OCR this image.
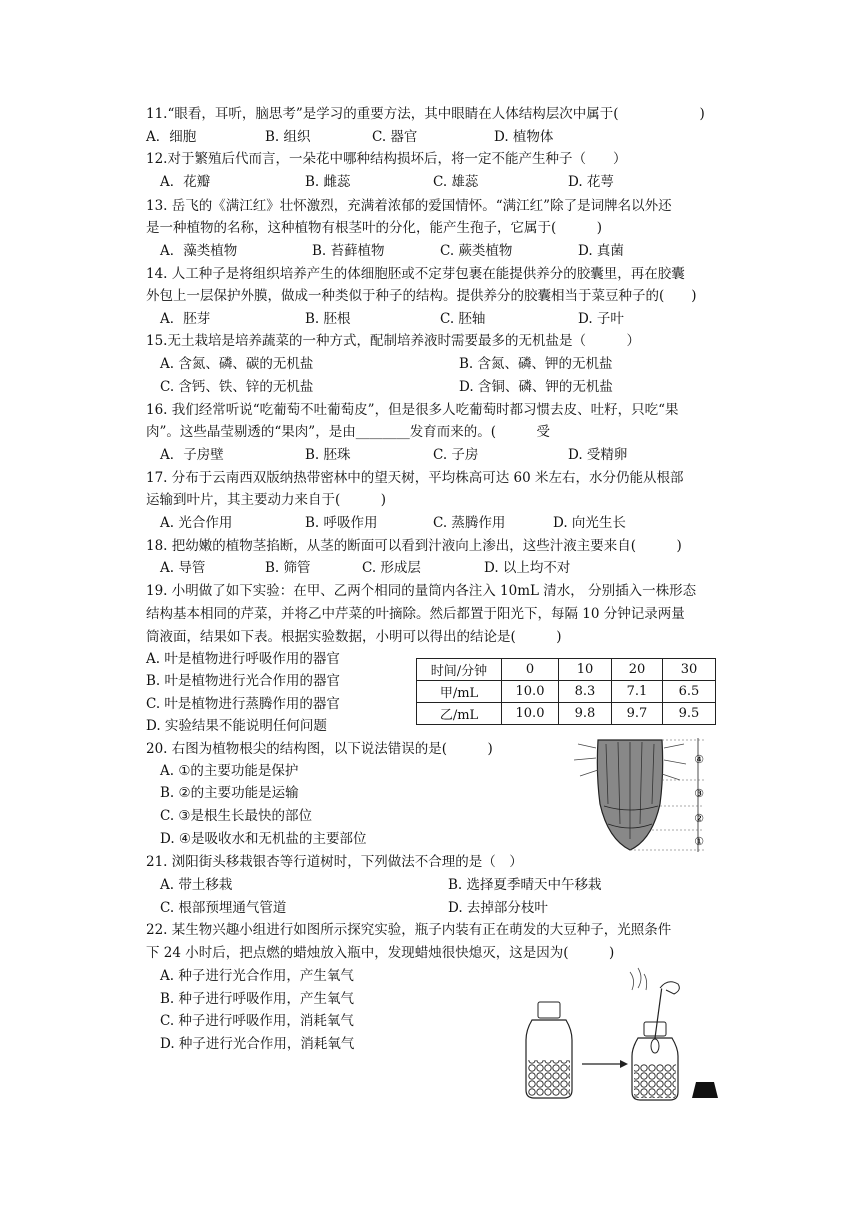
11.“眼看，耳听，脑思考”是学习的重要方法，其中眼睛在人体结构层次中属于(　　　　　　)
A．细胞	B. 组织	C. 器官	D. 植物体
12.对于繁殖后代而言，一朵花中哪种结构损坏后，将一定不能产生种子（　　）
A．花瓣	B. 雌蕊	C. 雄蕊	D. 花萼
13. 岳飞的《满江红》壮怀激烈，充满着浓郁的爱国情怀。“满江红”除了是词牌名以外还
是一种植物的名称，这种植物有根茎叶的分化，能产生孢子，它属于(　　　)
A．藻类植物	B. 苔藓植物	C. 蕨类植物	D. 真菌
14. 人工种子是将组织培养产生的体细胞胚或不定芽包裹在能提供养分的胶囊里，再在胶囊
外包上一层保护外膜，做成一种类似于种子的结构。提供养分的胶囊相当于菜豆种子的(　　)
A．胚芽	B. 胚根	C. 胚轴	D. 子叶
15.无土栽培是培养蔬菜的一种方式，配制培养液时需要最多的无机盐是（　　　）
A. 含氮、磷、碳的无机盐	B. 含氮、磷、钾的无机盐
C. 含钙、铁、锌的无机盐	D. 含铜、磷、钾的无机盐
16. 我们经常听说“吃葡萄不吐葡萄皮”，但是很多人吃葡萄时都习惯去皮、吐籽，只吃“果
肉”。这些晶莹剔透的“果肉”，是由________发育而来的。(　　　受
A．子房壁	B. 胚珠	C. 子房	D. 受精卵
17. 分布于云南西双版纳热带密林中的望天树，平均株高可达 60 米左右，水分仍能从根部
运输到叶片，其主要动力来自于(　　　)
A. 光合作用	B. 呼吸作用	C. 蒸腾作用	D. 向光生长
18. 把幼嫩的植物茎掐断，从茎的断面可以看到汁液向上渗出，这些汁液主要来自(　　　)
A. 导管	B. 筛管	C. 形成层	D. 以上均不对
19. 小明做了如下实验：在甲、乙两个相同的量筒内各注入 10mL 清水， 分别插入一株形态
结构基本相同的芹菜，并将乙中芹菜的叶摘除。然后都置于阳光下，每隔 10 分钟记录两量
筒液面，结果如下表。根据实验数据，小明可以得出的结论是(　　　)
A. 叶是植物进行呼吸作用的器官
B. 叶是植物进行光合作用的器官
C. 叶是植物进行蒸腾作用的器官
D. 实验结果不能说明任何问题
时间/分钟	0	10	20	30
甲/mL	10.0	8.3	7.1	6.5
乙/mL	10.0	9.8	9.7	9.5
20. 右图为植物根尖的结构图，以下说法错误的是(　　　)
A. ①的主要功能是保护
B. ②的主要功能是运输
C. ③是根生长最快的部位
D. ④是吸收水和无机盐的主要部位
④
③
②
①
21. 浏阳街头移栽银杏等行道树时，下列做法不合理的是（　）
A. 带土移栽	B. 选择夏季晴天中午移栽
C. 根部预埋通气管道	D. 去掉部分枝叶
22. 某生物兴趣小组进行如图所示探究实验，瓶子内装有正在萌发的大豆种子，光照条件
下 24 小时后，把点燃的蜡烛放入瓶中，发现蜡烛很快熄灭，这是因为(　　　)
A. 种子进行光合作用，产生氧气
B. 种子进行呼吸作用，产生氧气
C. 种子进行呼吸作用，消耗氧气
D. 种子进行光合作用，消耗氧气
